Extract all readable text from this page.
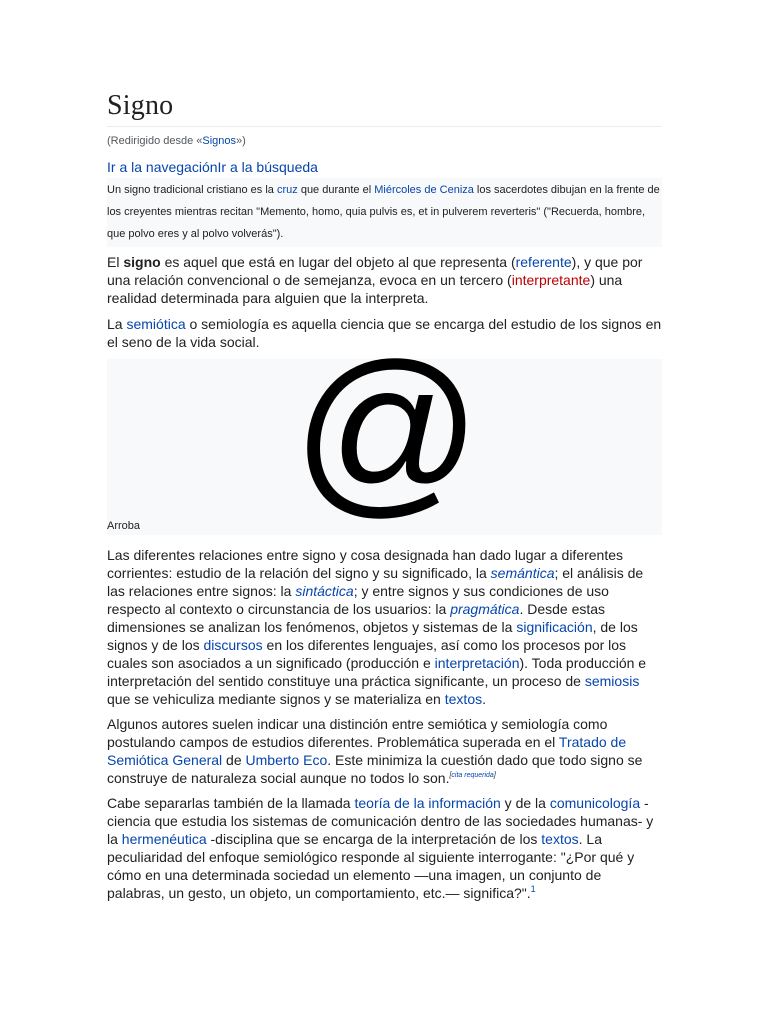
Signo
(Redirigido desde «Signos»)
Ir a la navegaciónIr a la búsqueda
Un signo tradicional cristiano es la cruz que durante el Miércoles de Ceniza los sacerdotes dibujan en la frente de los creyentes mientras recitan "Memento, homo, quia pulvis es, et in pulverem reverteris" ("Recuerda, hombre, que polvo eres y al polvo volverás").

El signo es aquel que está en lugar del objeto al que representa (referente), y que por una relación convencional o de semejanza, evoca en un tercero (interpretante) una realidad determinada para alguien que la interpreta.

La semiótica o semiología es aquella ciencia que se encarga del estudio de los signos en el seno de la vida social. @
Arroba

Las diferentes relaciones entre signo y cosa designada han dado lugar a diferentes corrientes: estudio de la relación del signo y su significado, la semántica; el análisis de las relaciones entre signos: la sintáctica; y entre signos y sus condiciones de uso respecto al contexto o circunstancia de los usuarios: la pragmática. Desde estas dimensiones se analizan los fenómenos, objetos y sistemas de la significación, de los signos y de los discursos en los diferentes lenguajes, así como los procesos por los cuales son asociados a un significado (producción e interpretación). Toda producción e interpretación del sentido constituye una práctica significante, un proceso de semiosis que se vehiculiza mediante signos y se materializa en textos.

Algunos autores suelen indicar una distinción entre semiótica y semiología como postulando campos de estudios diferentes. Problemática superada en el Tratado de Semiótica General de Umberto Eco. Este minimiza la cuestión dado que todo signo se construye de naturaleza social aunque no todos lo son.[cita requerida]

Cabe separarlas también de la llamada teoría de la información y de la comunicología -ciencia que estudia los sistemas de comunicación dentro de las sociedades humanas- y la hermenéutica -disciplina que se encarga de la interpretación de los textos. La peculiaridad del enfoque semiológico responde al siguiente interrogante: "¿Por qué y cómo en una determinada sociedad un elemento —una imagen, un conjunto de palabras, un gesto, un objeto, un comportamiento, etc.— significa?".$^1$
